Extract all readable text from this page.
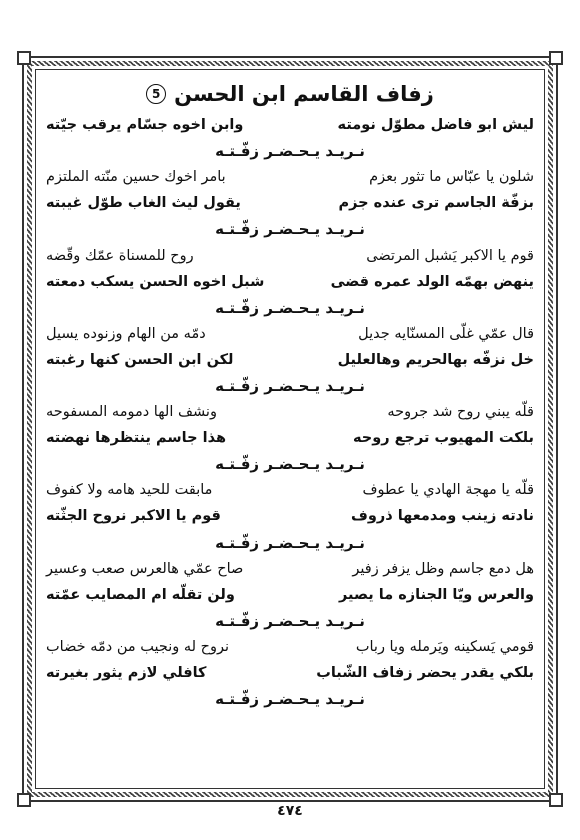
زفاف القاسم ابن الحسن
5
ليش ابو فاضل مطوّل نومته
وابن اخوه جسّام يرقب جيّته
نـريـد يـحـضـر زفّـتـه
شلون يا عبّاس ما تثور بعزم
بامر اخوك حسين منّته الملتزم
بزفّة الجاسم ترى عنده جزم
يقول ليث الغاب طوّل غيبته
نـريـد يـحـضـر زفّـتـه
قوم يا الاكبر يَشبل المرتضى
روح للمسناة عمّك وقّضه
ينهض بهمّه الولد عمره قضى
شبل اخوه الحسن يسكب دمعته
نـريـد يـحـضـر زفّـتـه
قال عمّي غلّى المسنّايه جديل
دمّه من الهام وزنوده يسيل
خل نزفّه بهالحريم وهالعليل
لكن ابن الحسن كنها رغبته
نـريـد يـحـضـر زفّـتـه
قلّه يبني روح شد جروحه
ونشف الها دمومه المسفوحه
بلكت المهيوب ترجع روحه
هذا جاسم ينتظرها نهضته
نـريـد يـحـضـر زفّـتـه
قلّه يا مهجة الهادي يا عطوف
مابقت للحيد هامه ولا كفوف
نادته زينب ومدمعها ذروف
قوم يا الاكبر نروح الجثّته
نـريـد يـحـضـر زفّـتـه
هل دمع جاسم وظل يزفر زفير
صاح عمّي هالعرس صعب وعسير
والعرس ويّا الجنازه ما يصير
ولن تقلّه ام المصايب عمّته
نـريـد يـحـضـر زفّـتـه
قومي يَسكينه ويَرمله ويا رباب
نروح له ونجيب من دمّه خضاب
بلكي يقدر يحضر زفاف الشّباب
كافلي لازم يثور بغيرته
نـريـد يـحـضـر زفّـتـه
٤٧٤
